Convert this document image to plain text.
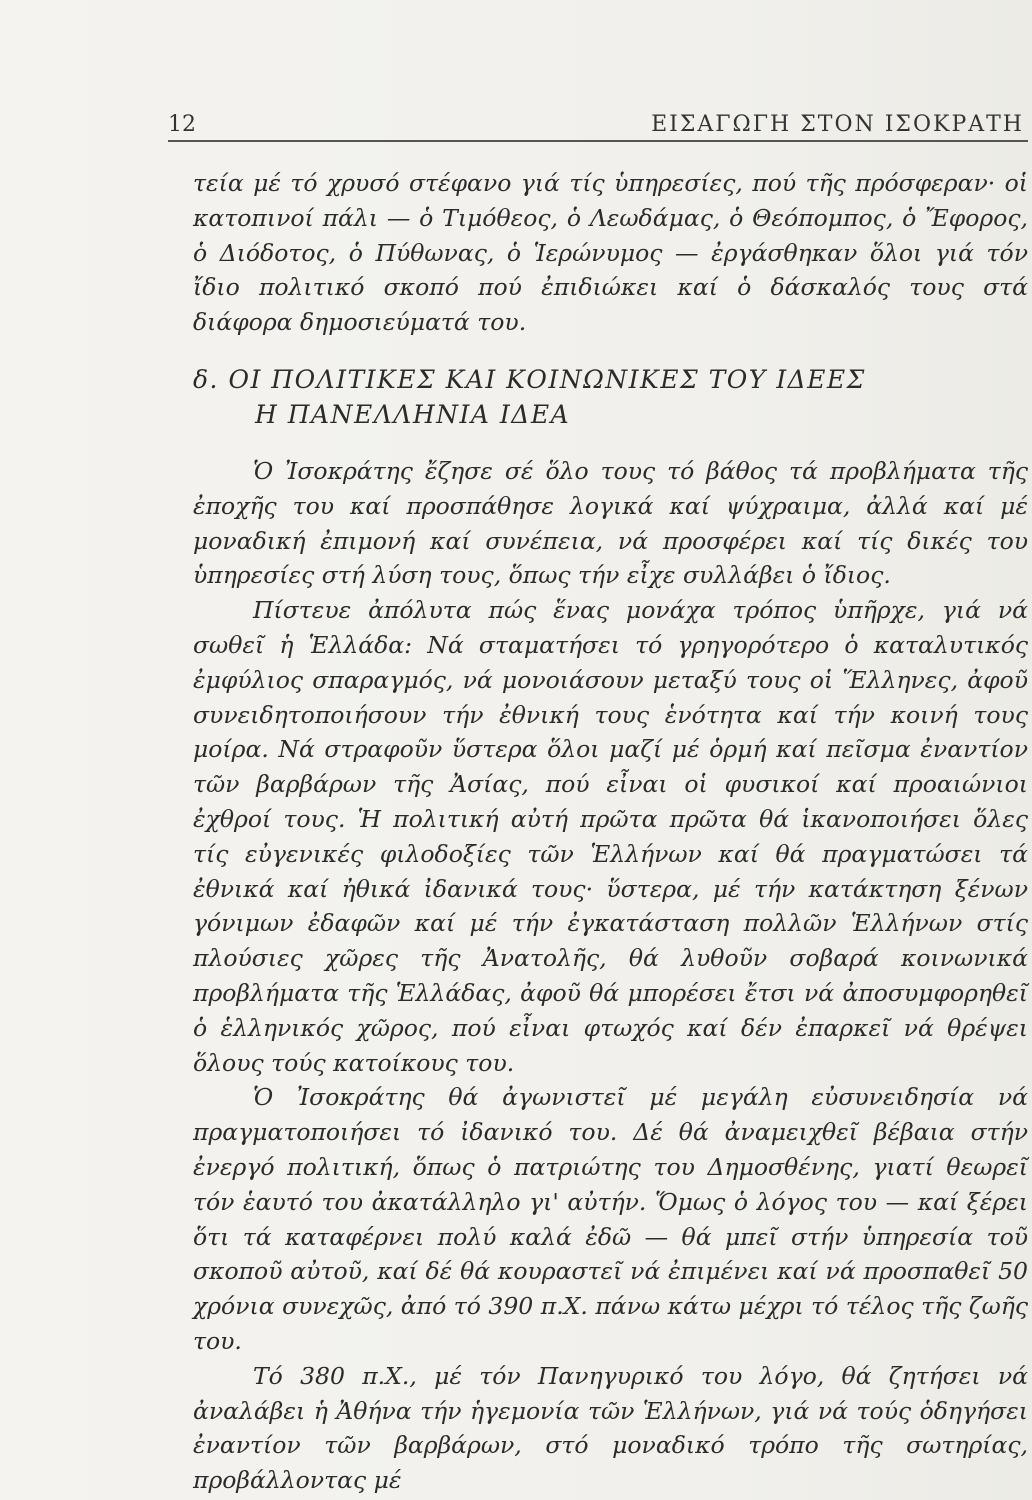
12	ΕΙΣΑΓΩΓΗ ΣΤΟΝ ΙΣΟΚΡΑΤΗ

τεία μέ τό χρυσό στέφανο γιά τίς ὑπηρεσίες, πού τῆς πρόσφεραν· οἱ κατοπινοί πάλι — ὁ Τιμόθεος, ὁ Λεωδάμας, ὁ Θεόπομπος, ὁ Ἔφορος, ὁ Διόδοτος, ὁ Πύθωνας, ὁ Ἱερώνυμος — ἐργάσθηκαν ὅλοι γιά τόν ἴδιο πολιτικό σκοπό πού ἐπιδιώκει καί ὁ δάσκαλός τους στά διάφορα δημοσιεύματά του.

δ. ΟΙ ΠΟΛΙΤΙΚΕΣ ΚΑΙ ΚΟΙΝΩΝΙΚΕΣ ΤΟΥ ΙΔΕΕΣ
Η ΠΑΝΕΛΛΗΝΙΑ ΙΔΕΑ

Ὁ Ἰσοκράτης ἔζησε σέ ὅλο τους τό βάθος τά προβλήματα τῆς ἐποχῆς του καί προσπάθησε λογικά καί ψύχραιμα, ἀλλά καί μέ μοναδική ἐπιμονή καί συνέπεια, νά προσφέρει καί τίς δικές του ὑπηρεσίες στή λύση τους, ὅπως τήν εἶχε συλλάβει ὁ ἴδιος.

Πίστευε ἀπόλυτα πώς ἕνας μονάχα τρόπος ὑπῆρχε, γιά νά σωθεῖ ἡ Ἑλλάδα: Νά σταματήσει τό γρηγορότερο ὁ καταλυτικός ἐμφύλιος σπαραγμός, νά μονοιάσουν μεταξύ τους οἱ Ἕλληνες, ἀφοῦ συνειδητοποιήσουν τήν ἐθνική τους ἑνότητα καί τήν κοινή τους μοίρα. Νά στραφοῦν ὕστερα ὅλοι μαζί μέ ὁρμή καί πεῖσμα ἐναντίον τῶν βαρβάρων τῆς Ἀσίας, πού εἶναι οἱ φυσικοί καί προαιώνιοι ἐχθροί τους. Ἡ πολιτική αὐτή πρῶτα πρῶτα θά ἱκανοποιήσει ὅλες τίς εὐγενικές φιλοδοξίες τῶν Ἑλλήνων καί θά πραγματώσει τά ἐθνικά καί ἠθικά ἰδανικά τους· ὕστερα, μέ τήν κατάκτηση ξένων γόνιμων ἐδαφῶν καί μέ τήν ἐγκατάσταση πολλῶν Ἑλλήνων στίς πλούσιες χῶρες τῆς Ἀνατολῆς, θά λυθοῦν σοβαρά κοινωνικά προβλήματα τῆς Ἑλλάδας, ἀφοῦ θά μπορέσει ἔτσι νά ἀποσυμφορηθεῖ ὁ ἑλληνικός χῶρος, πού εἶναι φτωχός καί δέν ἐπαρκεῖ νά θρέψει ὅλους τούς κατοίκους του.

Ὁ Ἰσοκράτης θά ἀγωνιστεῖ μέ μεγάλη εὐσυνειδησία νά πραγματοποιήσει τό ἰδανικό του. Δέ θά ἀναμειχθεῖ βέβαια στήν ἐνεργό πολιτική, ὅπως ὁ πατριώτης του Δημοσθένης, γιατί θεωρεῖ τόν ἑαυτό του ἀκατάλληλο γι' αὐτήν. Ὅμως ὁ λόγος του — καί ξέρει ὅτι τά καταφέρνει πολύ καλά ἐδῶ — θά μπεῖ στήν ὑπηρεσία τοῦ σκοποῦ αὐτοῦ, καί δέ θά κουραστεῖ νά ἐπιμένει καί νά προσπαθεῖ 50 χρόνια συνεχῶς, ἀπό τό 390 π.Χ. πάνω κάτω μέχρι τό τέλος τῆς ζωῆς του.

Τό 380 π.Χ., μέ τόν Πανηγυρικό του λόγο, θά ζητήσει νά ἀναλάβει ἡ Ἀθήνα τήν ἡγεμονία τῶν Ἑλλήνων, γιά νά τούς ὁδηγήσει ἐναντίον τῶν βαρβάρων, στό μοναδικό τρόπο τῆς σωτηρίας, προβάλλοντας μέ
